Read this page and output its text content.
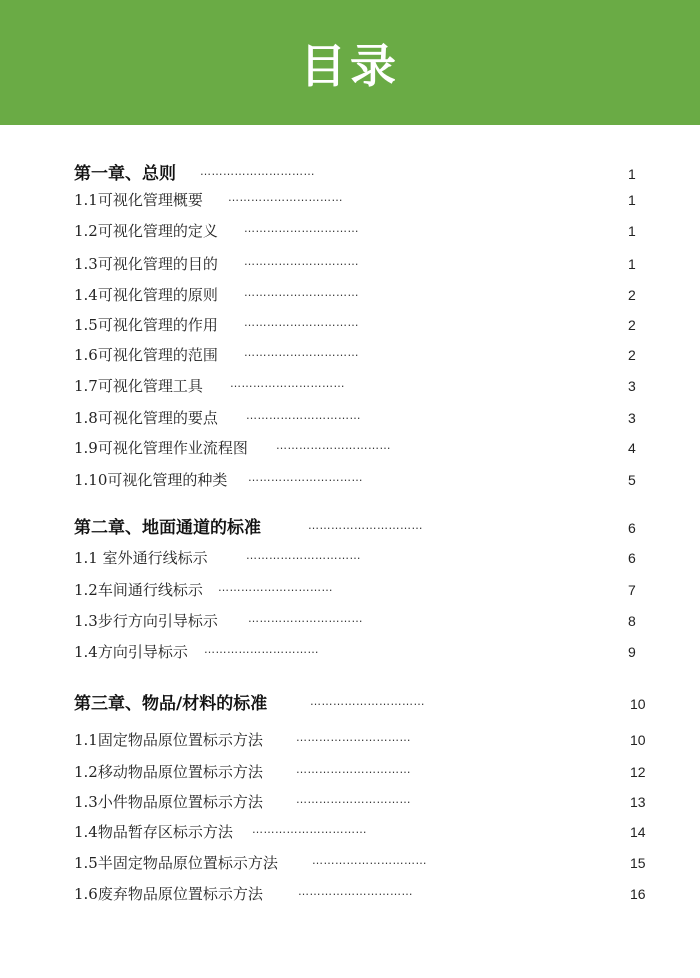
目录
第一章、总则 …………………………	1
1.1可视化管理概要 …………………………	1
1.2可视化管理的定义 …………………………	1
1.3可视化管理的目的 …………………………	1
1.4可视化管理的原则 …………………………	2
1.5可视化管理的作用 …………………………	2
1.6可视化管理的范围 …………………………	2
1.7可视化管理工具 …………………………	3
1.8可视化管理的要点	…………………………	3
1.9可视化管理作业流程图	…………………………	4
1.10可视化管理的种类 …………………………	5
第二章、地面通道的标准	…………………………	6
1.1 室外通行线标示	…………………………	6
1.2车间通行线标示 …………………………	7
1.3步行方向引导标示	…………………………	8
1.4方向引导标示 …………………………	9
第三章、物品/材料的标准	…………………………	10
1.1固定物品原位置标示方法	…………………………	10
1.2移动物品原位置标示方法	…………………………	12
1.3小件物品原位置标示方法	…………………………	13
1.4物品暂存区标示方法 …………………………	14
1.5半固定物品原位置标示方法	…………………………	15
1.6废弃物品原位置标示方法	…………………………	16
